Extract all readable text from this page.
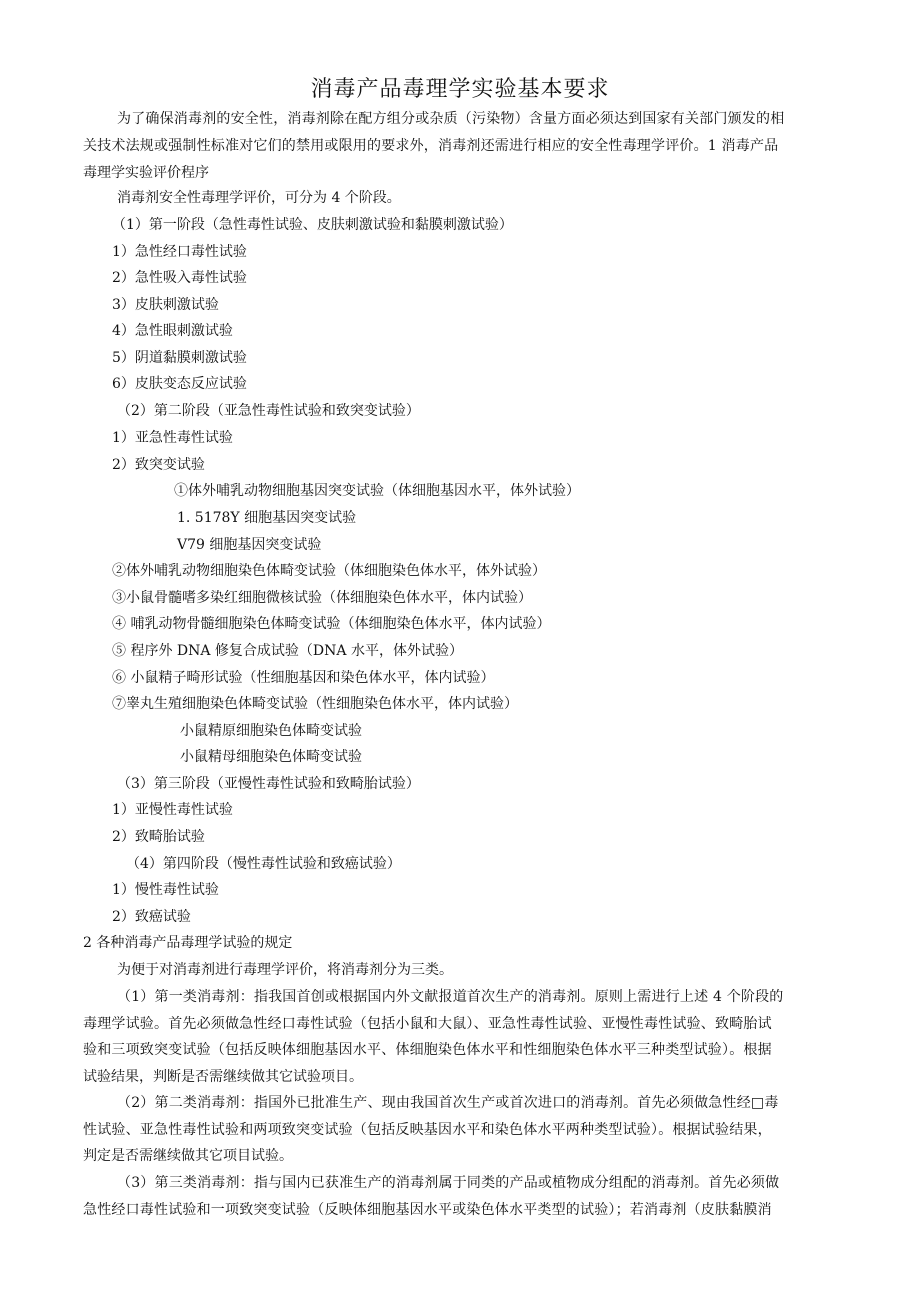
消毒产品毒理学实验基本要求

为了确保消毒剂的安全性，消毒剂除在配方组分或杂质（污染物）含量方面必须达到国家有关部门颁发的相

关技术法规或强制性标准对它们的禁用或限用的要求外，消毒剂还需进行相应的安全性毒理学评价。1 消毒产品

毒理学实验评价程序

消毒剂安全性毒理学评价，可分为 4 个阶段。

（1）第一阶段（急性毒性试验、皮肤刺激试验和黏膜刺激试验）

1）急性经口毒性试验

2）急性吸入毒性试验

3）皮肤刺激试验

4）急性眼刺激试验

5）阴道黏膜刺激试验

6）皮肤变态反应试验

（2）第二阶段（亚急性毒性试验和致突变试验）

1）亚急性毒性试验

2）致突变试验

①体外哺乳动物细胞基因突变试验（体细胞基因水平，体外试验）

1. 5178Y 细胞基因突变试验

V79 细胞基因突变试验

②体外哺乳动物细胞染色体畸变试验（体细胞染色体水平，体外试验）

③小鼠骨髓嗜多染红细胞微核试验（体细胞染色体水平，体内试验）

④ 哺乳动物骨髓细胞染色体畸变试验（体细胞染色体水平，体内试验）

⑤ 程序外 DNA 修复合成试验（DNA 水平，体外试验）

⑥ 小鼠精子畸形试验（性细胞基因和染色体水平，体内试验）

⑦睾丸生殖细胞染色体畸变试验（性细胞染色体水平，体内试验）

小鼠精原细胞染色体畸变试验

小鼠精母细胞染色体畸变试验

（3）第三阶段（亚慢性毒性试验和致畸胎试验）

1）亚慢性毒性试验

2）致畸胎试验

（4）第四阶段（慢性毒性试验和致癌试验）

1）慢性毒性试验

2）致癌试验

2 各种消毒产品毒理学试验的规定

为便于对消毒剂进行毒理学评价，将消毒剂分为三类。

（1）第一类消毒剂：指我国首创或根据国内外文献报道首次生产的消毒剂。原则上需进行上述 4 个阶段的

毒理学试验。首先必须做急性经口毒性试验（包括小鼠和大鼠）、亚急性毒性试验、亚慢性毒性试验、致畸胎试

验和三项致突变试验（包括反映体细胞基因水平、体细胞染色体水平和性细胞染色体水平三种类型试验）。根据

试验结果，判断是否需继续做其它试验项目。

（2）第二类消毒剂：指国外已批准生产、现由我国首次生产或首次进口的消毒剂。首先必须做急性经□毒

性试验、亚急性毒性试验和两项致突变试验（包括反映基因水平和染色体水平两种类型试验）。根据试验结果，

判定是否需继续做其它项目试验。

（3）第三类消毒剂：指与国内已获准生产的消毒剂属于同类的产品或植物成分组配的消毒剂。首先必须做

急性经口毒性试验和一项致突变试验（反映体细胞基因水平或染色体水平类型的试验）；若消毒剂（皮肤黏膜消
